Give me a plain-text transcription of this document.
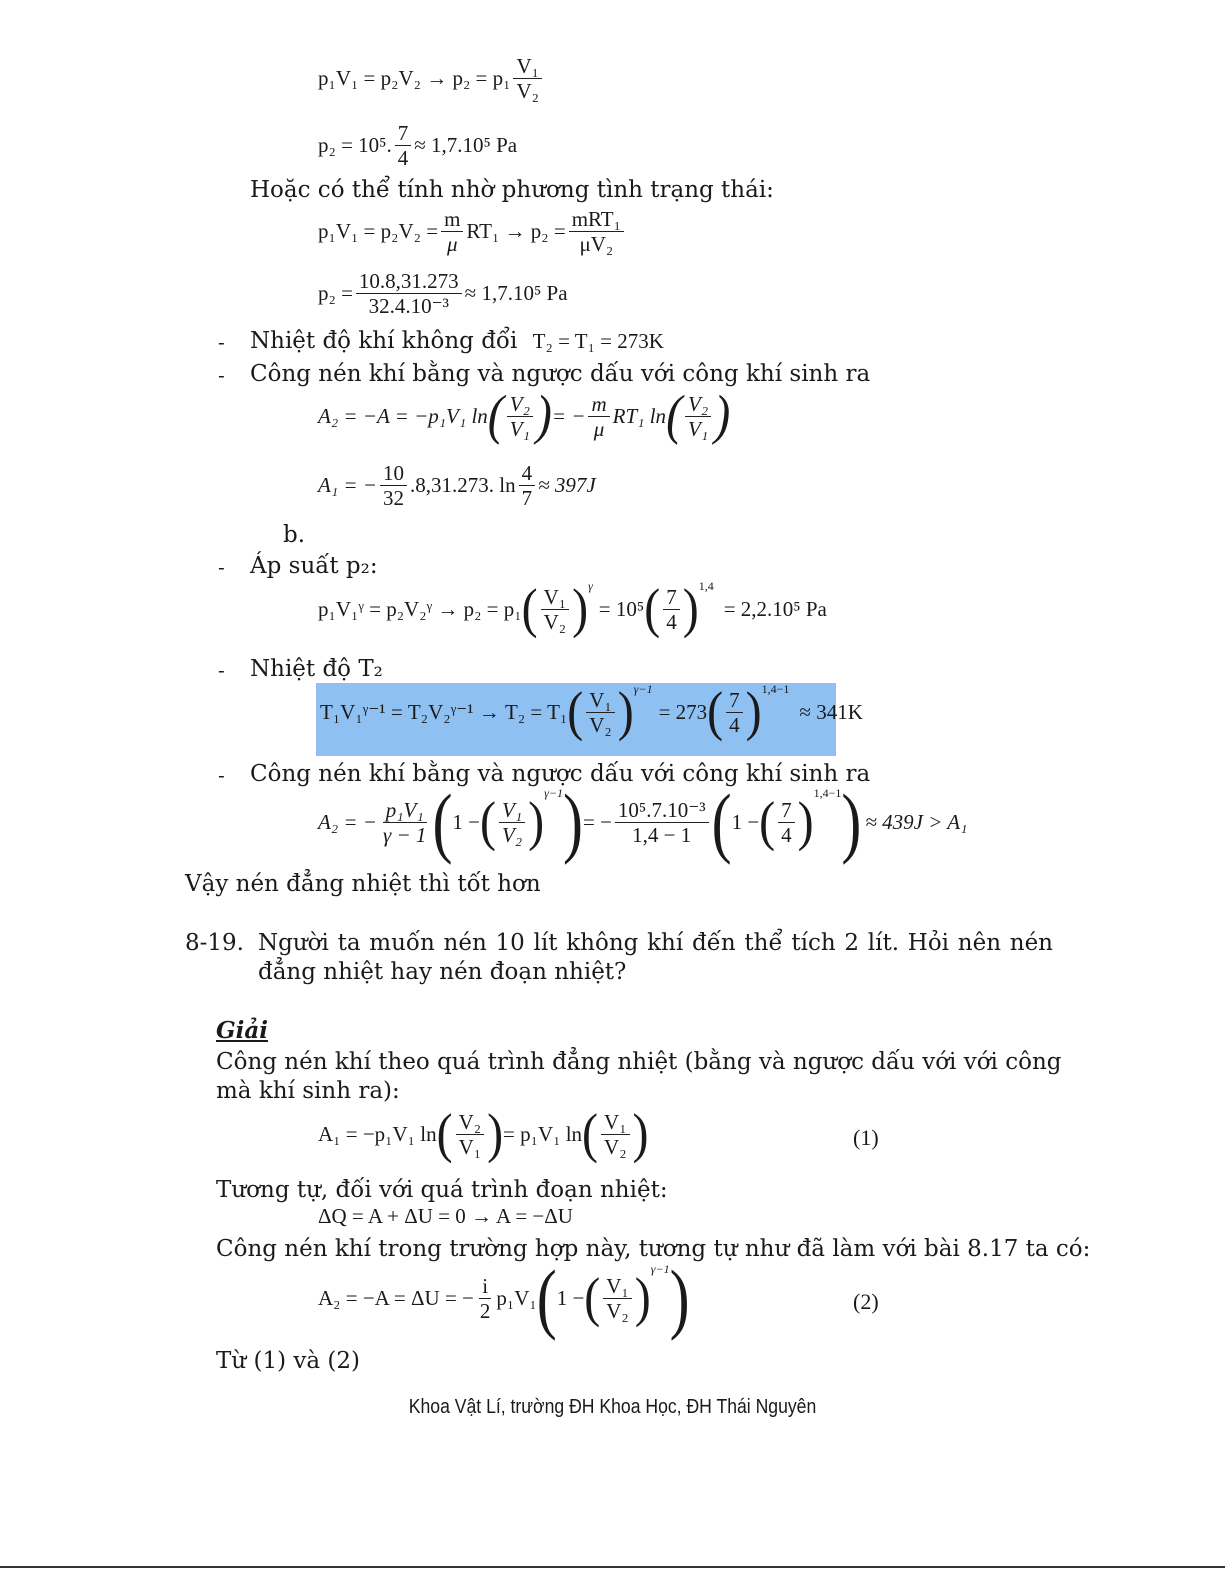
$p_1V_1 = p_2V_2 \to p_2 = p_1 \frac{\text{V₁}}{\text{V₂}}$
p₂ = 10⁵. $\frac{7}{4} \approx 1,7.10^5$ Pa
Hoặc có thể tính nhờ phương tình trạng thái:
$p_1V_1 = p_2V_2 = \frac{m}{\mu} RT_1 \to p_2 = \frac{\text{mRT₁}}{\text{μV₂}}$
$p_2 = \frac{10.8,31.273}{\text{32.4.10⁻³}} \approx 1,7.10^5$ Pa
- Nhiệt độ khí không đổi T₂ = T₁ = 273K
- Công nén khí bằng và ngược dấu với công khí sinh ra
A₂ = −A = −p₁V₁ ln ( $\frac{\text{V₂}}{\text{V₁}}$ ) = − $\frac{m}{\mu} RT_1$ ln ( $\frac{\text{V₂}}{\text{V₁}}$ )
A₁ = − $\frac{10}{32} .8,31.273$. $\ln \frac{4}{7} \approx 397J$
b.
- Áp suất p₂:
p₁V₁ᵞ = p₂V₂ᵞ → p₂ = p₁ ( $\frac{\text{V₁}}{\text{V₂}}$ ) γ
= 10⁵ ( $\frac{7}{4}$ ) 1,4
= 2,2.10⁵ Pa
- Nhiệt độ T₂
T₁V₁ᵞ⁻¹ = T₂V₂ᵞ⁻¹ → T₂ = T₁ ( $\frac{\text{V₁}}{\text{V₂}}$ ) γ−1
= 273 ( $\frac{7}{4}$ ) 1,4−1
≈ 341K
- Công nén khí bằng và ngược dấu với công khí sinh ra
A₂ = − $\frac{\text{p₁V₁}}{\gamma - 1}$ ( 1 − ( $\frac{\text{V₁}}{\text{V₂}}$ ) γ−1 ) = − $\frac{\text{10⁵.7.10⁻³}}{1,4 - 1}$ ( 1 − ( $\frac{7}{4}$ ) 1,4−1 ) ≈ 439J > A₁
Vậy nén đẳng nhiệt thì tốt hơn
8-19. Người ta muốn nén 10 lít không khí đến thể tích 2 lít. Hỏi nên nén
đẳng nhiệt hay nén đoạn nhiệt?
Giải
Công nén khí theo quá trình đẳng nhiệt (bằng và ngược dấu với với công
mà khí sinh ra):
A₁ = −p₁V₁ ln ( $\frac{\text{V₂}}{\text{V₁}}$ ) = p₁V₁ ln ( $\frac{\text{V₁}}{\text{V₂}}$ )	(1)
Tương tự, đối với quá trình đoạn nhiệt:
ΔQ = A + ΔU = 0 → A = −ΔU
Công nén khí trong trường hợp này, tương tự như đã làm với bài 8.17 ta có:
A₂ = −A = ΔU = − $\frac{i}{2} p_1V_1$ ( 1 − ( $\frac{\text{V₁}}{\text{V₂}}$ ) γ−1 )	(2)
Từ (1) và (2)
Khoa Vật Lí, trường ĐH Khoa Học, ĐH Thái Nguyên
